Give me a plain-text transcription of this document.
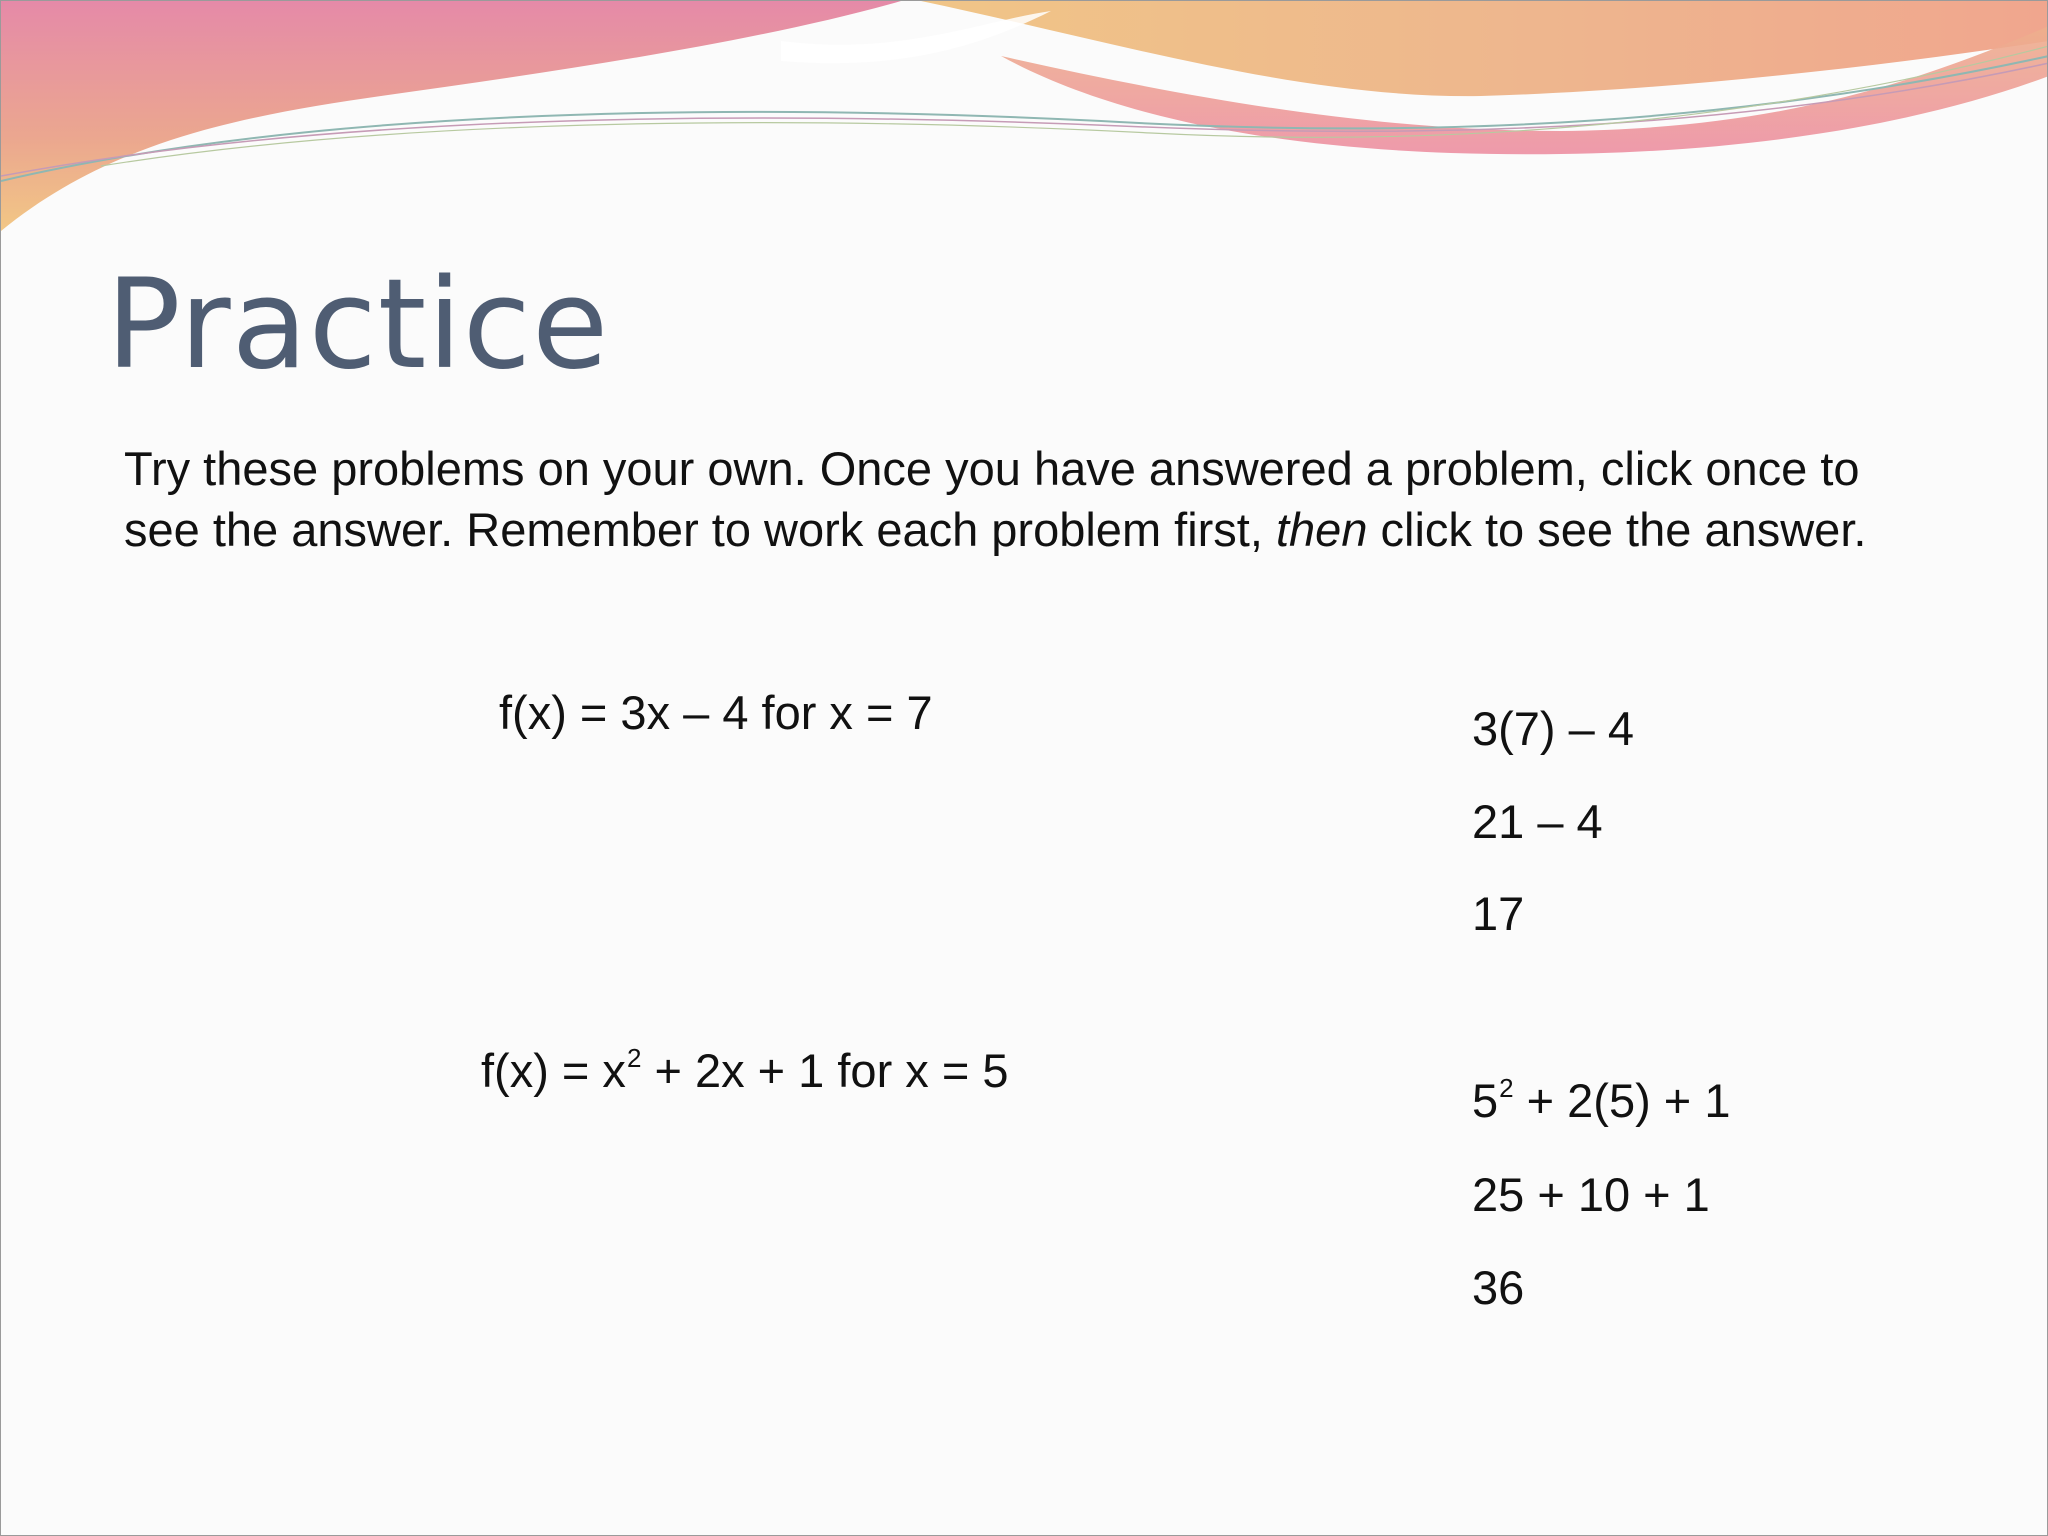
Practice
Try these problems on your own. Once you have answered a problem, click once to see the answer. Remember to work each problem first, then click to see the answer.
f(x) = 3x – 4 for x = 7	3(7) – 4
21 – 4
17
$f(x) = x^2 + 2x + 1$ for x = 5
$5^2 + 2(5) + 1$
25 + 10 + 1
36
